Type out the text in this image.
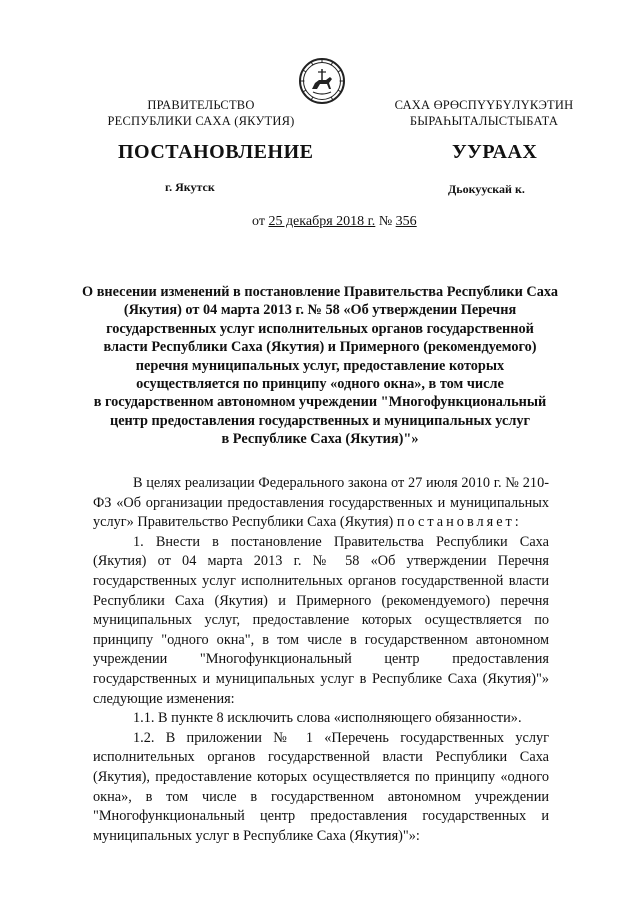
ПРАВИТЕЛЬСТВО
РЕСПУБЛИКИ САХА (ЯКУТИЯ)
САХА ӨРӨСПҮҮБҮЛҮКЭТИН
БЫРАҺЫТАЛЫСТЫБАТА
ПОСТАНОВЛЕНИЕ	УУРААХ
г. Якутск	Дьокуускай к.
от 25 декабря 2018 г. № 356
О внесении изменений в постановление Правительства Республики Саха
(Якутия) от 04 марта 2013 г. № 58 «Об утверждении Перечня
государственных услуг исполнительных органов государственной
власти Республики Саха (Якутия) и Примерного (рекомендуемого)
перечня муниципальных услуг, предоставление которых
осуществляется по принципу «одного окна», в том числе
в государственном автономном учреждении "Многофункциональный
центр предоставления государственных и муниципальных услуг
в Республике Саха (Якутия)"»

В целях реализации Федерального закона от 27 июля 2010 г. № 210-ФЗ «Об организации предоставления государственных и муниципальных услуг» Правительство Республики Саха (Якутия) постановляет:

1. Внести в постановление Правительства Республики Саха (Якутия) от 04 марта 2013 г. № 58 «Об утверждении Перечня государственных услуг исполнительных органов государственной власти Республики Саха (Якутия) и Примерного (рекомендуемого) перечня муниципальных услуг, предоставление которых осуществляется по принципу "одного окна", в том числе в государственном автономном учреждении "Многофункциональный центр предоставления государственных и муниципальных услуг в Республике Саха (Якутия)"» следующие изменения:

1.1. В пункте 8 исключить слова «исполняющего обязанности».

1.2. В приложении № 1 «Перечень государственных услуг исполнительных органов государственной власти Республики Саха (Якутия), предоставление которых осуществляется по принципу «одного окна», в том числе в государственном автономном учреждении "Многофункциональный центр предоставления государственных и муниципальных услуг в Республике Саха (Якутия)"»:
